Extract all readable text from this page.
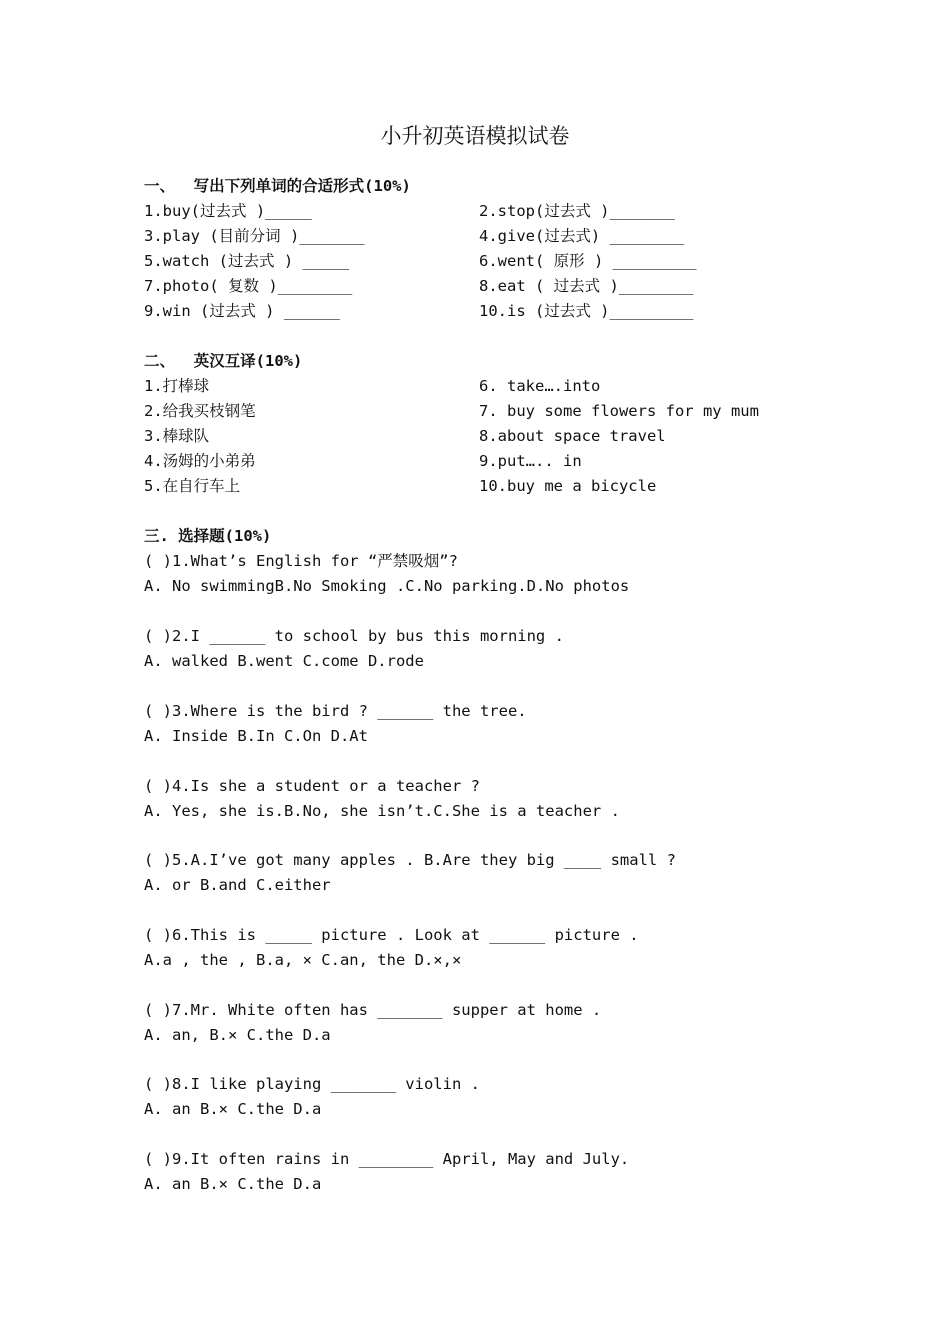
小升初英语模拟试卷
一、  写出下列单词的合适形式(10%)
1.buy(过去式 )_____
3.play (目前分词 )_______
5.watch (过去式 ) _____
7.photo( 复数 )________
9.win (过去式 ) ______
2.stop(过去式 )_______
4.give(过去式) ________
6.went( 原形 ) _________
8.eat ( 过去式 )________
10.is (过去式 )_________
二、  英汉互译(10%)
1.打棒球
2.给我买枝钢笔
3.棒球队
4.汤姆的小弟弟
5.在自行车上
6. take….into
7. buy some flowers for my mum
8.about space travel
9.put….. in
10.buy me a bicycle
三. 选择题(10%)
( )1.What’s English for “严禁吸烟”?
A. No swimmingB.No Smoking .C.No parking.D.No photos
( )2.I ______ to school by bus this morning .
A. walked B.went C.come D.rode
( )3.Where is the bird ? ______ the tree.
A. Inside B.In C.On D.At
( )4.Is she a student or a teacher ?
A. Yes, she is.B.No, she isn’t.C.She is a teacher .
( )5.A.I’ve got many apples . B.Are they big ____ small ?
A. or B.and C.either
( )6.This is _____ picture . Look at ______ picture .
A.a , the , B.a, × C.an, the D.×,×
( )7.Mr. White often has _______ supper at home .
A. an, B.× C.the D.a
( )8.I like playing _______ violin .
A. an B.× C.the D.a
( )9.It often rains in ________ April, May and July.
A. an B.× C.the D.a
